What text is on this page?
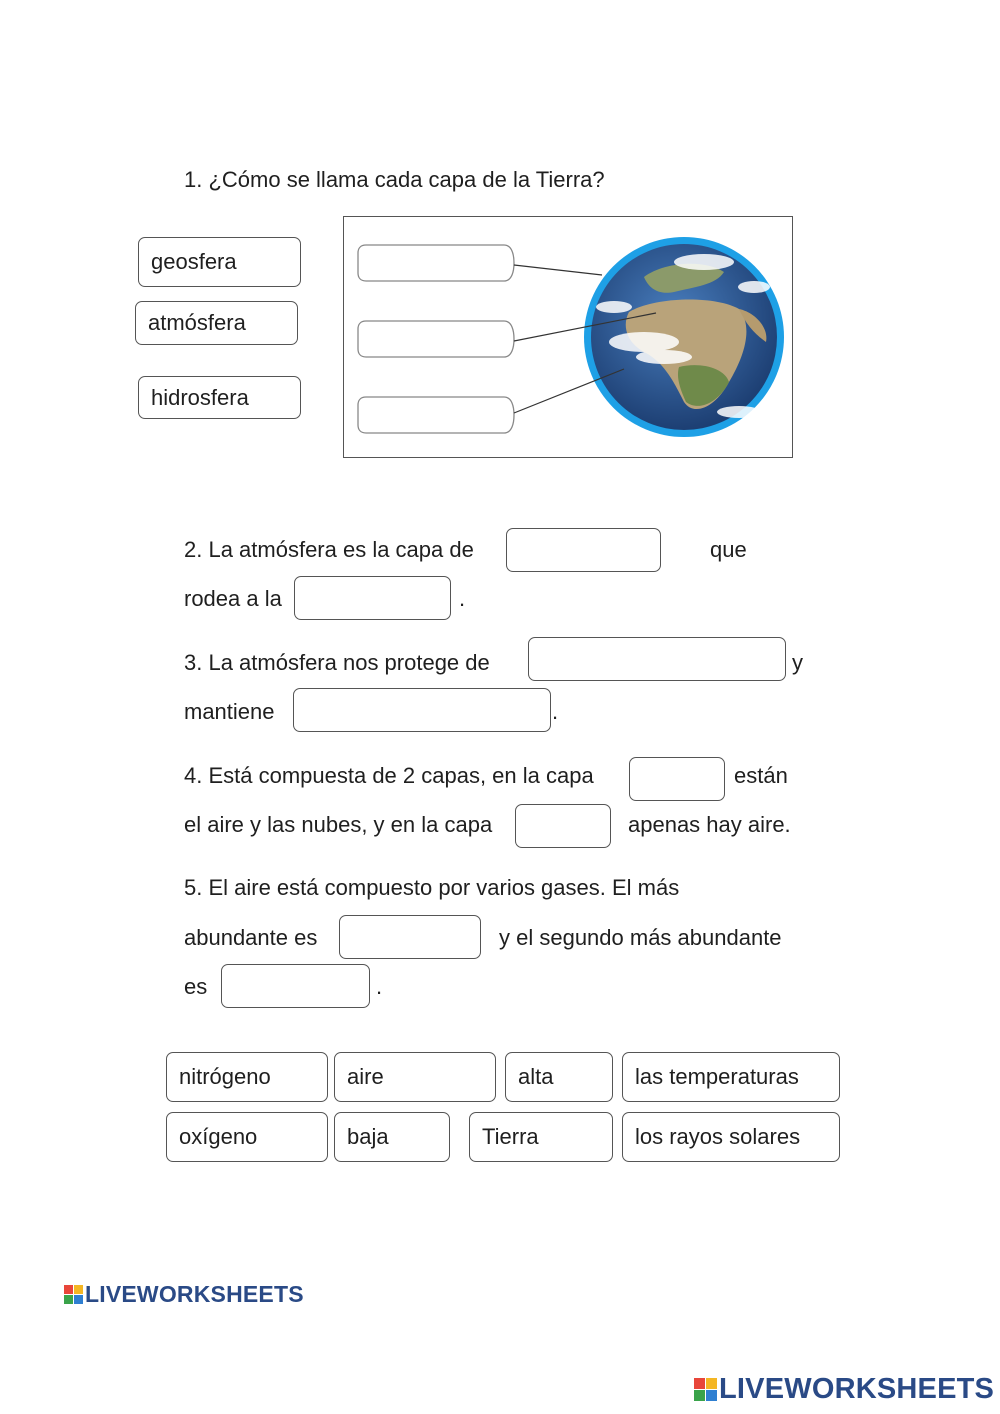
1. ¿Cómo se llama cada capa de la Tierra?
geosfera
atmósfera
hidrosfera
2. La atmósfera es la capa de	que
rodea a la	.
3. La atmósfera nos protege de	y
mantiene	.
4. Está compuesta de 2 capas, en la capa	están
el aire y las nubes, y en la capa	apenas hay aire.
5. El aire está compuesto por varios gases. El más
abundante es	y el segundo más abundante
es	.
nitrógeno	aire	alta	las temperaturas
oxígeno	baja	Tierra	los rayos solares
LIVEWORKSHEETS
LIVEWORKSHEETS
